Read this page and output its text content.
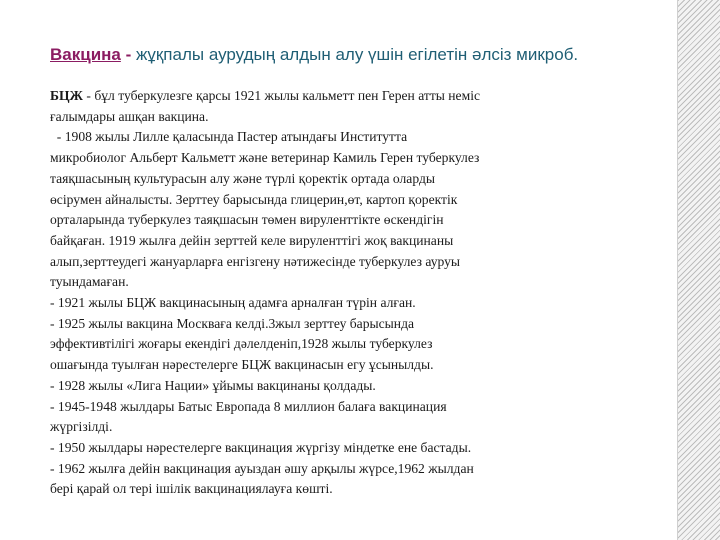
Вакцина - жұқпалы аурудың алдын алу үшін егілетін әлсіз микроб.
БЦЖ - бұл туберкулезге қарсы 1921 жылы кальметт пен Герен атты неміс
ғалымдары ашқан вакцина.
- 1908 жылы Лилле қаласында Пастер атындағы Институтта
микробиолог Альберт Кальметт және ветеринар Камиль Герен туберкулез
таяқшасының культурасын алу және түрлі қоректік ортада оларды
өсірумен айналысты. Зерттеу барысында глицерин,өт, картоп қоректік
орталарында туберкулез таяқшасын төмен вируленттікте өскендігін
байқаған. 1919 жылға дейін зерттей келе вируленттігі жоқ вакцинаны
алып,зерттеудегі жануарларға енгізгену нәтижесінде туберкулез ауруы
туындамаған.
- 1921 жылы БЦЖ вакцинасының адамға арналған түрін алған.
- 1925 жылы вакцина Москваға келді.3жыл зерттеу барысында
эффективтілігі жоғары екендігі дәлелденіп,1928 жылы туберкулез
ошағында туылған нәрестелерге БЦЖ вакцинасын егу ұсынылды.
- 1928 жылы «Лига Нации» ұйымы вакцинаны қолдады.
- 1945-1948 жылдары Батыс Европада 8 миллион балаға вакцинация
жүргізілді.
- 1950 жылдары нәрестелерге вакцинация жүргізу міндетке ене бастады.
- 1962 жылға дейін вакцинация ауыздан әшу арқылы жүрсе,1962 жылдан
бері қарай ол тері ішілік вакцинациялауға көшті.
